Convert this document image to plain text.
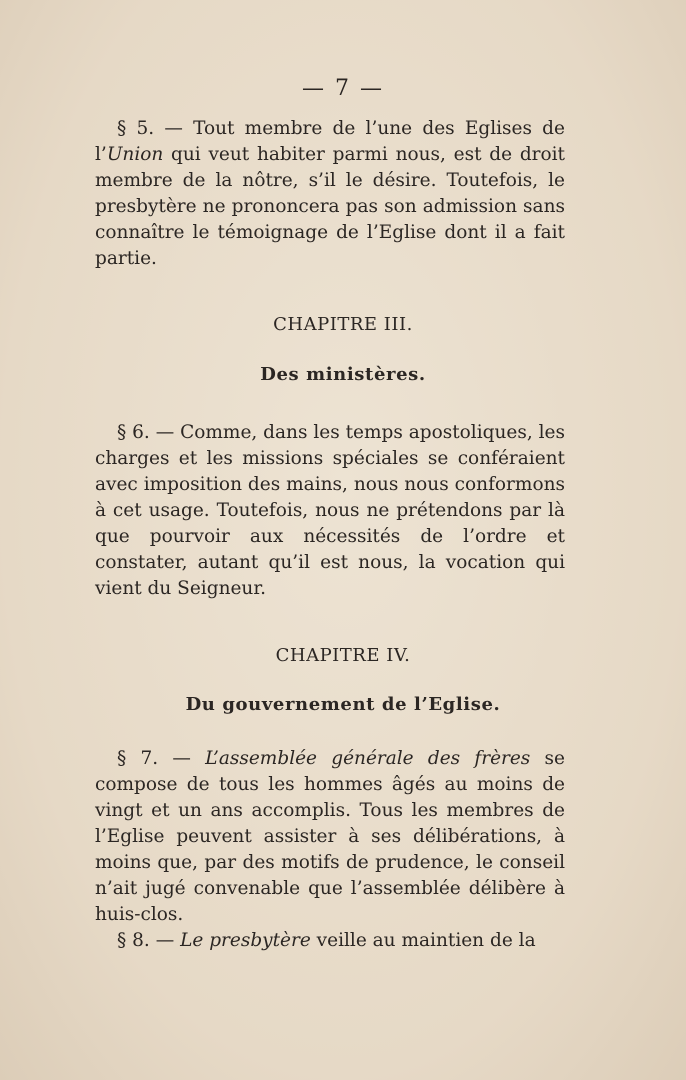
— 7 —

§ 5. — Tout membre de l’une des Eglises de l’Union qui veut habiter parmi nous, est de droit membre de la nôtre, s’il le désire. Toutefois, le presbytère ne prononcera pas son admission sans connaître le témoignage de l’Eglise dont il a fait partie.

CHAPITRE III.
Des ministères.

§ 6. — Comme, dans les temps apostoliques, les charges et les missions spéciales se conféraient avec imposition des mains, nous nous conformons à cet usage. Toutefois, nous ne prétendons par là que pourvoir aux nécessités de l’ordre et constater, autant qu’il est nous, la vocation qui vient du Seigneur.

CHAPITRE IV.
Du gouvernement de l’Eglise.

§ 7. — L’assemblée générale des frères se compose de tous les hommes âgés au moins de vingt et un ans accomplis. Tous les membres de l’Eglise peuvent assister à ses délibérations, à moins que, par des motifs de prudence, le conseil n’ait jugé convenable que l’assemblée délibère à huis-clos.

§ 8. — Le presbytère veille au maintien de la
